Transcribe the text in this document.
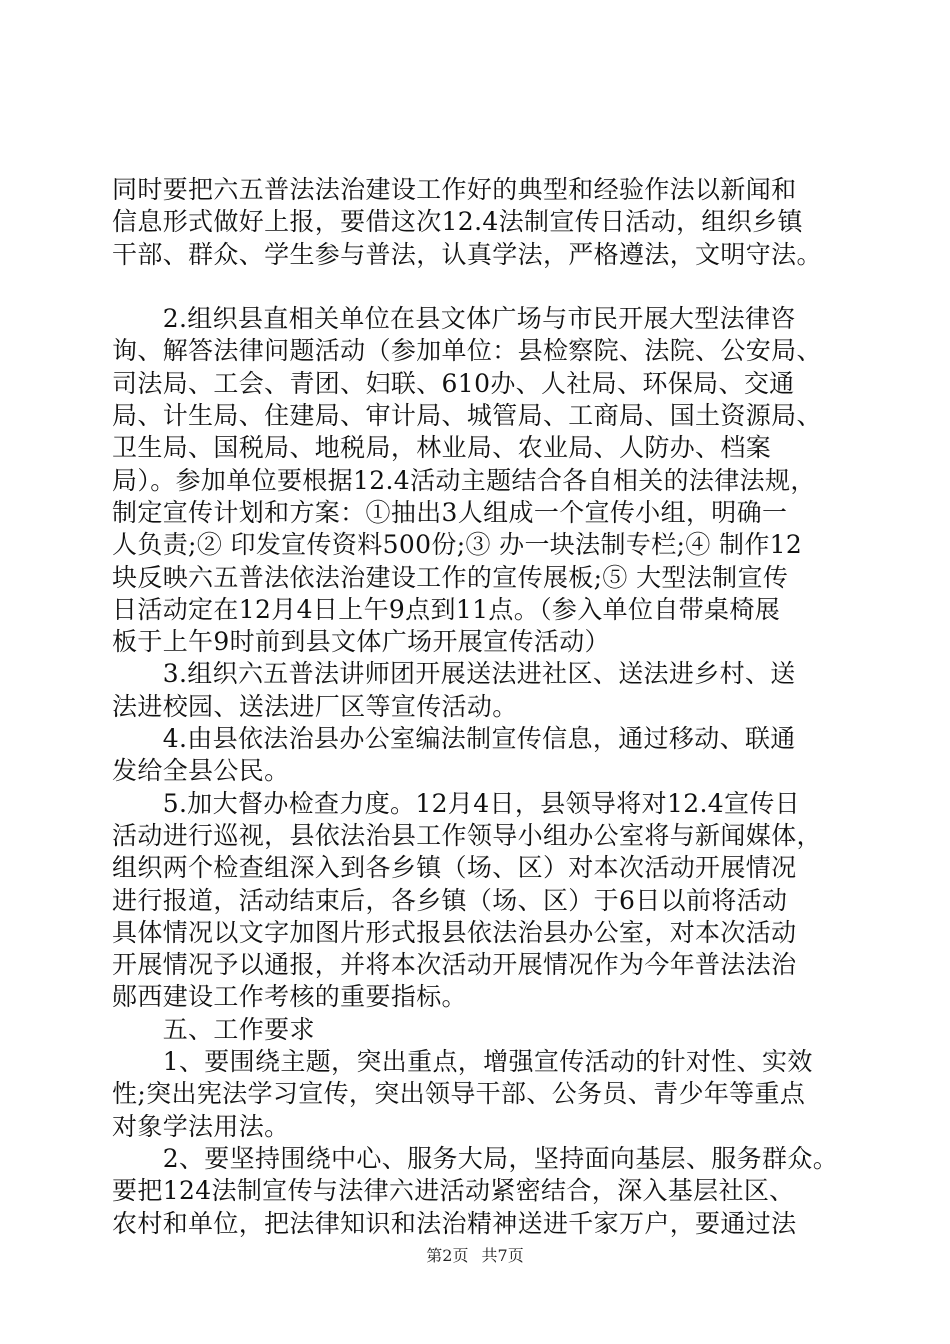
同时要把六五普法法治建设工作好的典型和经验作法以新闻和
信息形式做好上报，要借这次12.4法制宣传日活动，组织乡镇
干部、群众、学生参与普法，认真学法，严格遵法，文明守法。
　　2.组织县直相关单位在县文体广场与市民开展大型法律咨
询、解答法律问题活动（参加单位：县检察院、法院、公安局、
司法局、工会、青团、妇联、610办、人社局、环保局、交通
局、计生局、住建局、审计局、城管局、工商局、国土资源局、
卫生局、国税局、地税局，林业局、农业局、人防办、档案
局）。参加单位要根据12.4活动主题结合各自相关的法律法规，
制定宣传计划和方案：①抽出3人组成一个宣传小组，明确一
人负责;② 印发宣传资料500份;③ 办一块法制专栏;④ 制作12
块反映六五普法依法治建设工作的宣传展板;⑤ 大型法制宣传
日活动定在12月4日上午9点到11点。（参入单位自带桌椅展
板于上午9时前到县文体广场开展宣传活动）
　　3.组织六五普法讲师团开展送法进社区、送法进乡村、送
法进校园、送法进厂区等宣传活动。
　　4.由县依法治县办公室编法制宣传信息，通过移动、联通
发给全县公民。
　　5.加大督办检查力度。12月4日，县领导将对12.4宣传日
活动进行巡视，县依法治县工作领导小组办公室将与新闻媒体，
组织两个检查组深入到各乡镇（场、区）对本次活动开展情况
进行报道，活动结束后，各乡镇（场、区）于6日以前将活动
具体情况以文字加图片形式报县依法治县办公室，对本次活动
开展情况予以通报，并将本次活动开展情况作为今年普法法治
郧西建设工作考核的重要指标。
　　五、工作要求
　　1、要围绕主题，突出重点，增强宣传活动的针对性、实效
性;突出宪法学习宣传，突出领导干部、公务员、青少年等重点
对象学法用法。
　　2、要坚持围绕中心、服务大局，坚持面向基层、服务群众。
要把124法制宣传与法律六进活动紧密结合，深入基层社区、
农村和单位，把法律知识和法治精神送进千家万户，要通过法
第2页 共7页
